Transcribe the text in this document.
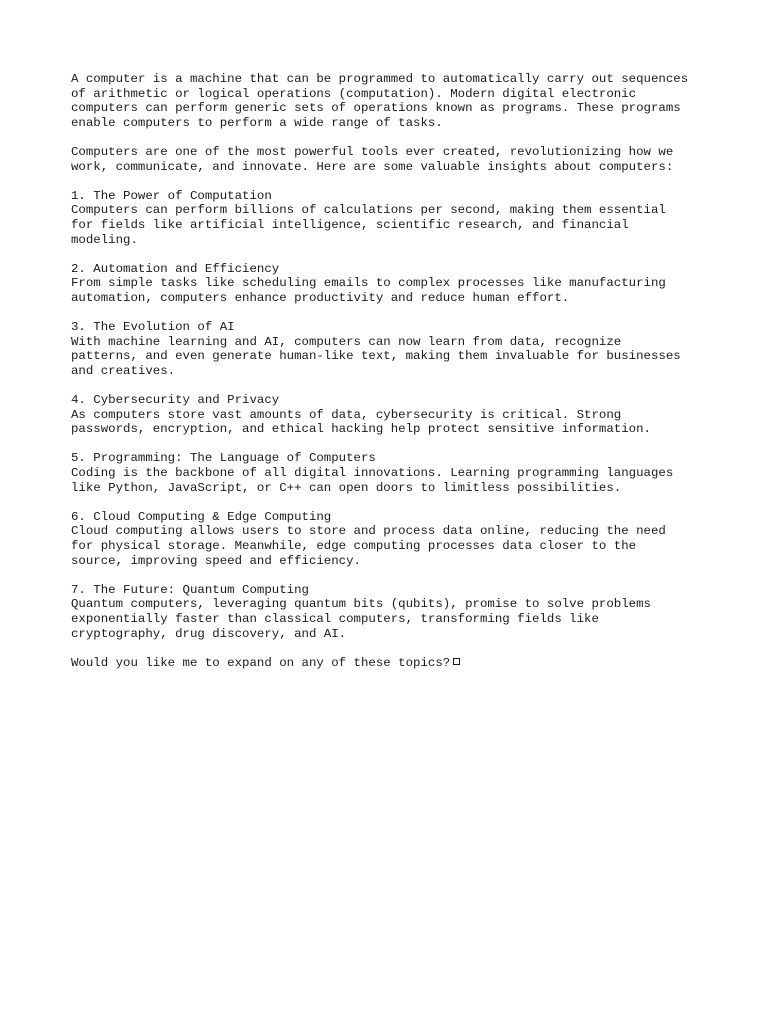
A computer is a machine that can be programmed to automatically carry out sequences
of arithmetic or logical operations (computation). Modern digital electronic
computers can perform generic sets of operations known as programs. These programs
enable computers to perform a wide range of tasks.

Computers are one of the most powerful tools ever created, revolutionizing how we
work, communicate, and innovate. Here are some valuable insights about computers:

1. The Power of Computation

Computers can perform billions of calculations per second, making them essential
for fields like artificial intelligence, scientific research, and financial
modeling.

2. Automation and Efficiency

From simple tasks like scheduling emails to complex processes like manufacturing
automation, computers enhance productivity and reduce human effort.

3. The Evolution of AI

With machine learning and AI, computers can now learn from data, recognize
patterns, and even generate human-like text, making them invaluable for businesses
and creatives.

4. Cybersecurity and Privacy

As computers store vast amounts of data, cybersecurity is critical. Strong
passwords, encryption, and ethical hacking help protect sensitive information.

5. Programming: The Language of Computers

Coding is the backbone of all digital innovations. Learning programming languages
like Python, JavaScript, or C++ can open doors to limitless possibilities.

6. Cloud Computing & Edge Computing

Cloud computing allows users to store and process data online, reducing the need
for physical storage. Meanwhile, edge computing processes data closer to the
source, improving speed and efficiency.

7. The Future: Quantum Computing

Quantum computers, leveraging quantum bits (qubits), promise to solve problems
exponentially faster than classical computers, transforming fields like
cryptography, drug discovery, and AI.

Would you like me to expand on any of these topics?
